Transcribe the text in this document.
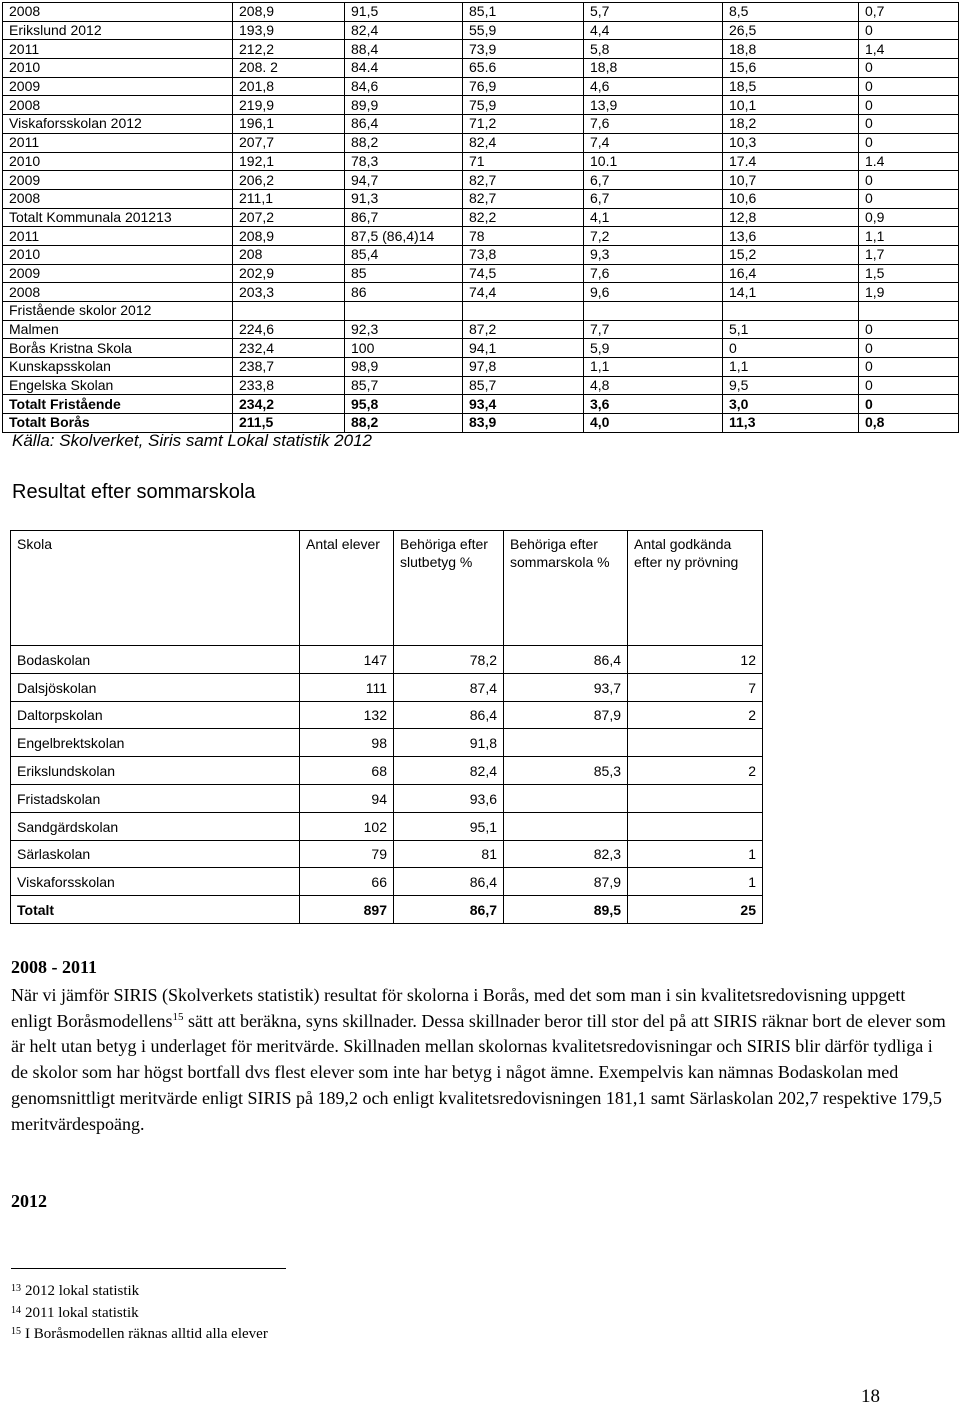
2008	208,9	91,5	85,1	5,7	8,5	0,7
Erikslund 2012	193,9	82,4	55,9	4,4	26,5	0
2011	212,2	88,4	73,9	5,8	18,8	1,4
2010	208. 2	84.4	65.6	18,8	15,6	0
2009	201,8	84,6	76,9	4,6	18,5	0
2008	219,9	89,9	75,9	13,9	10,1	0
Viskaforsskolan 2012	196,1	86,4	71,2	7,6	18,2	0
2011	207,7	88,2	82,4	7,4	10,3	0
2010	192,1	78,3	71	10.1	17.4	1.4
2009	206,2	94,7	82,7	6,7	10,7	0
2008	211,1	91,3	82,7	6,7	10,6	0
Totalt Kommunala 201213	207,2	86,7	82,2	4,1	12,8	0,9
2011	208,9	87,5 (86,4)14	78	7,2	13,6	1,1
2010	208	85,4	73,8	9,3	15,2	1,7
2009	202,9	85	74,5	7,6	16,4	1,5
2008	203,3	86	74,4	9,6	14,1	1,9
Fristående skolor 2012						
Malmen	224,6	92,3	87,2	7,7	5,1	0
Borås Kristna Skola	232,4	100	94,1	5,9	0	0
Kunskapsskolan	238,7	98,9	97,8	1,1	1,1	0
Engelska Skolan	233,8	85,7	85,7	4,8	9,5	0
Totalt Fristående	234,2	95,8	93,4	3,6	3,0	0
Totalt Borås	211,5	88,2	83,9	4,0	11,3	0,8
Källa: Skolverket, Siris samt Lokal statistik 2012
Resultat efter sommarskola
Skola	Antal elever	Behöriga efter slutbetyg %	Behöriga efter sommarskola %	Antal godkända efter ny prövning
Bodaskolan	147	78,2	86,4	12
Dalsjöskolan	111	87,4	93,7	7
Daltorpskolan	132	86,4	87,9	2
Engelbrektskolan	98	91,8		
Erikslundskolan	68	82,4	85,3	2
Fristadskolan	94	93,6		
Sandgärdskolan	102	95,1		
Särlaskolan	79	81	82,3	1
Viskaforsskolan	66	86,4	87,9	1
Totalt	897	86,7	89,5	25
2008 - 2011
När vi jämför SIRIS (Skolverkets statistik) resultat för skolorna i Borås, med det som man i sin kvalitetsredovisning uppgett enligt Boråsmodellens$^{15}$ sätt att beräkna, syns skillnader. Dessa skillnader beror till stor del på att SIRIS räknar bort de elever som är helt utan betyg i underlaget för meritvärde. Skillnaden mellan skolornas kvalitetsredovisningar och SIRIS blir därför tydliga i de skolor som har högst bortfall dvs flest elever som inte har betyg i något ämne. Exempelvis kan nämnas Bodaskolan med genomsnittligt meritvärde enligt SIRIS på 189,2 och enligt kvalitetsredovisningen 181,1 samt Särlaskolan 202,7 respektive 179,5 meritvärdespoäng.
2012
$^{13}$ 2012 lokal statistik
$^{14}$ 2011 lokal statistik
$^{15}$ I Boråsmodellen räknas alltid alla elever
18
